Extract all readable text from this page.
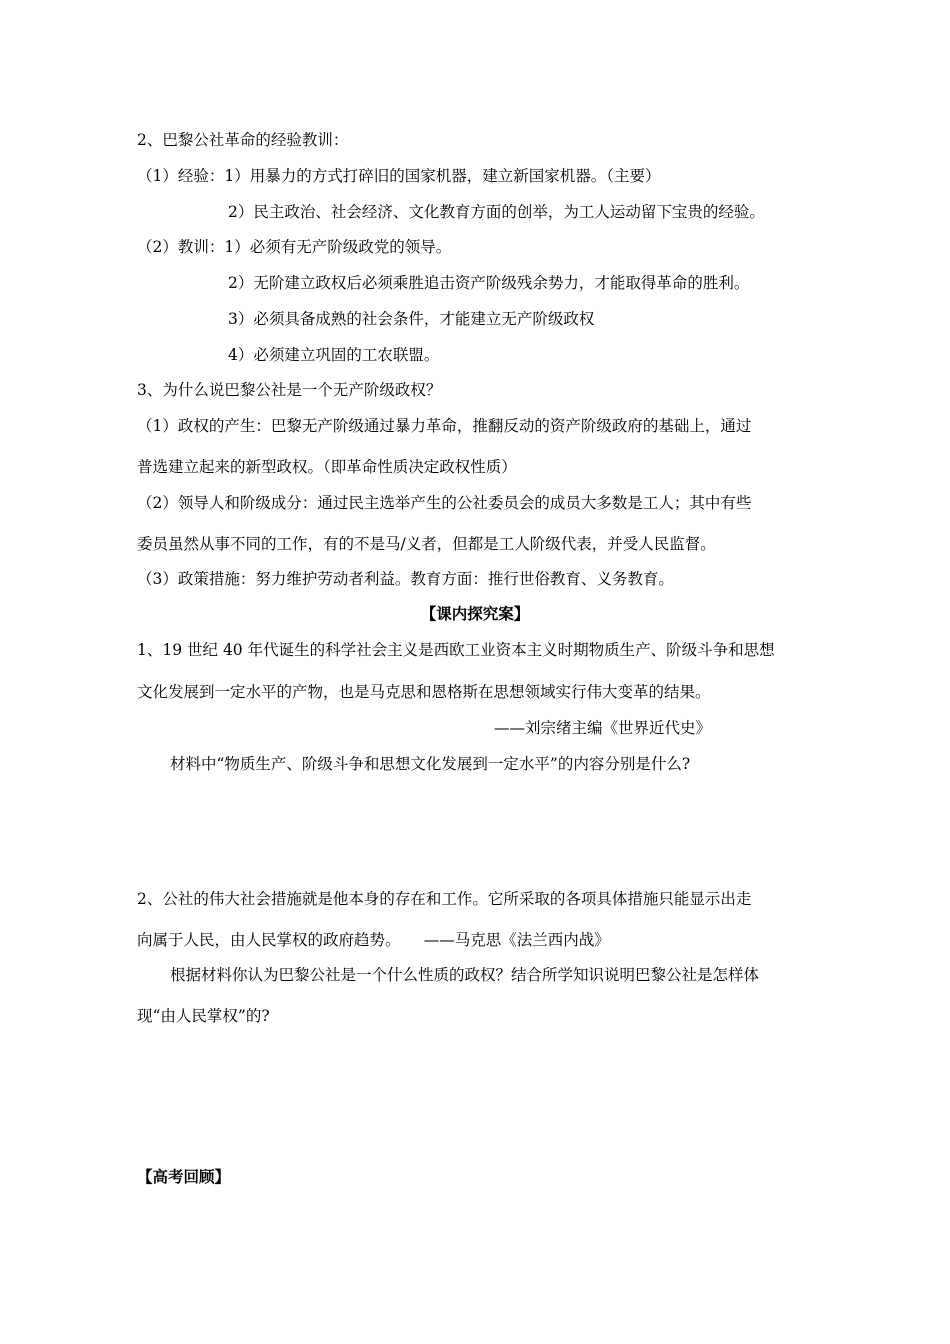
2、巴黎公社革命的经验教训：

（1）经验：1）用暴力的方式打碎旧的国家机器，建立新国家机器。（主要）

2）民主政治、社会经济、文化教育方面的创举，为工人运动留下宝贵的经验。

（2）教训：1）必须有无产阶级政党的领导。

2）无阶建立政权后必须乘胜追击资产阶级残余势力，才能取得革命的胜利。

3）必须具备成熟的社会条件，才能建立无产阶级政权

4）必须建立巩固的工农联盟。

3、为什么说巴黎公社是一个无产阶级政权？

（1）政权的产生：巴黎无产阶级通过暴力革命，推翻反动的资产阶级政府的基础上，通过

普选建立起来的新型政权。（即革命性质决定政权性质）

（2）领导人和阶级成分：通过民主选举产生的公社委员会的成员大多数是工人；其中有些

委员虽然从事不同的工作，有的不是马/义者，但都是工人阶级代表，并受人民监督。

（3）政策措施：努力维护劳动者利益。教育方面：推行世俗教育、义务教育。

【课内探究案】

1、19 世纪 40 年代诞生的科学社会主义是西欧工业资本主义时期物质生产、阶级斗争和思想

文化发展到一定水平的产物，也是马克思和恩格斯在思想领域实行伟大变革的结果。

——刘宗绪主编《世界近代史》

材料中“物质生产、阶级斗争和思想文化发展到一定水平”的内容分别是什么?

2、公社的伟大社会措施就是他本身的存在和工作。它所采取的各项具体措施只能显示出走

向属于人民，由人民掌权的政府趋势。　　——马克思《法兰西内战》

根据材料你认为巴黎公社是一个什么性质的政权？结合所学知识说明巴黎公社是怎样体

现“由人民掌权”的?

【高考回顾】
